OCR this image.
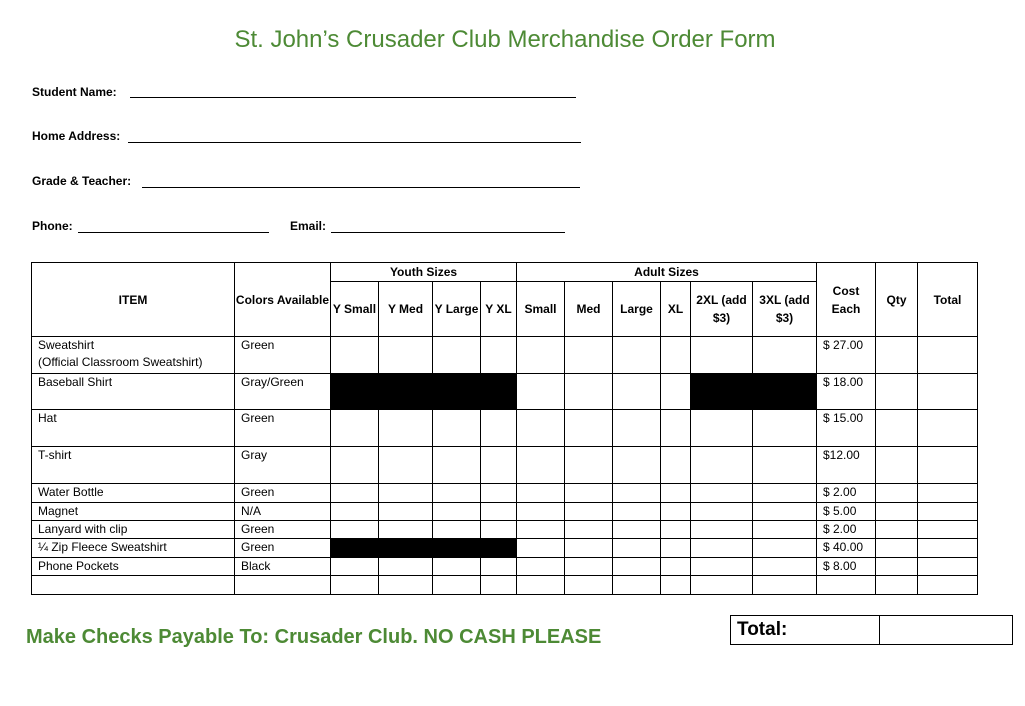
St. John’s Crusader Club Merchandise Order Form
Student Name:
Home Address:
Grade & Teacher:
Phone:	Email:
ITEM	Colors Available	Youth Sizes				Adult Sizes						Cost Each	Qty	Total
		Y Small	Y Med	Y Large	Y XL	Small	Med	Large	XL	2XL (add $3)	3XL (add $3)			
Sweatshirt
(Official Classroom Sweatshirt)	Green											$ 27.00		
Baseball Shirt	Gray/Green											$ 18.00		
Hat	Green											$ 15.00		
T-shirt	Gray											$12.00		
Water Bottle	Green											$ 2.00		
Magnet	N/A											$ 5.00		
Lanyard with clip	Green											$ 2.00		
¼ Zip Fleece Sweatshirt	Green											$ 40.00		
Phone Pockets	Black											$ 8.00		

Make Checks Payable To: Crusader Club. NO CASH PLEASE	Total:	
